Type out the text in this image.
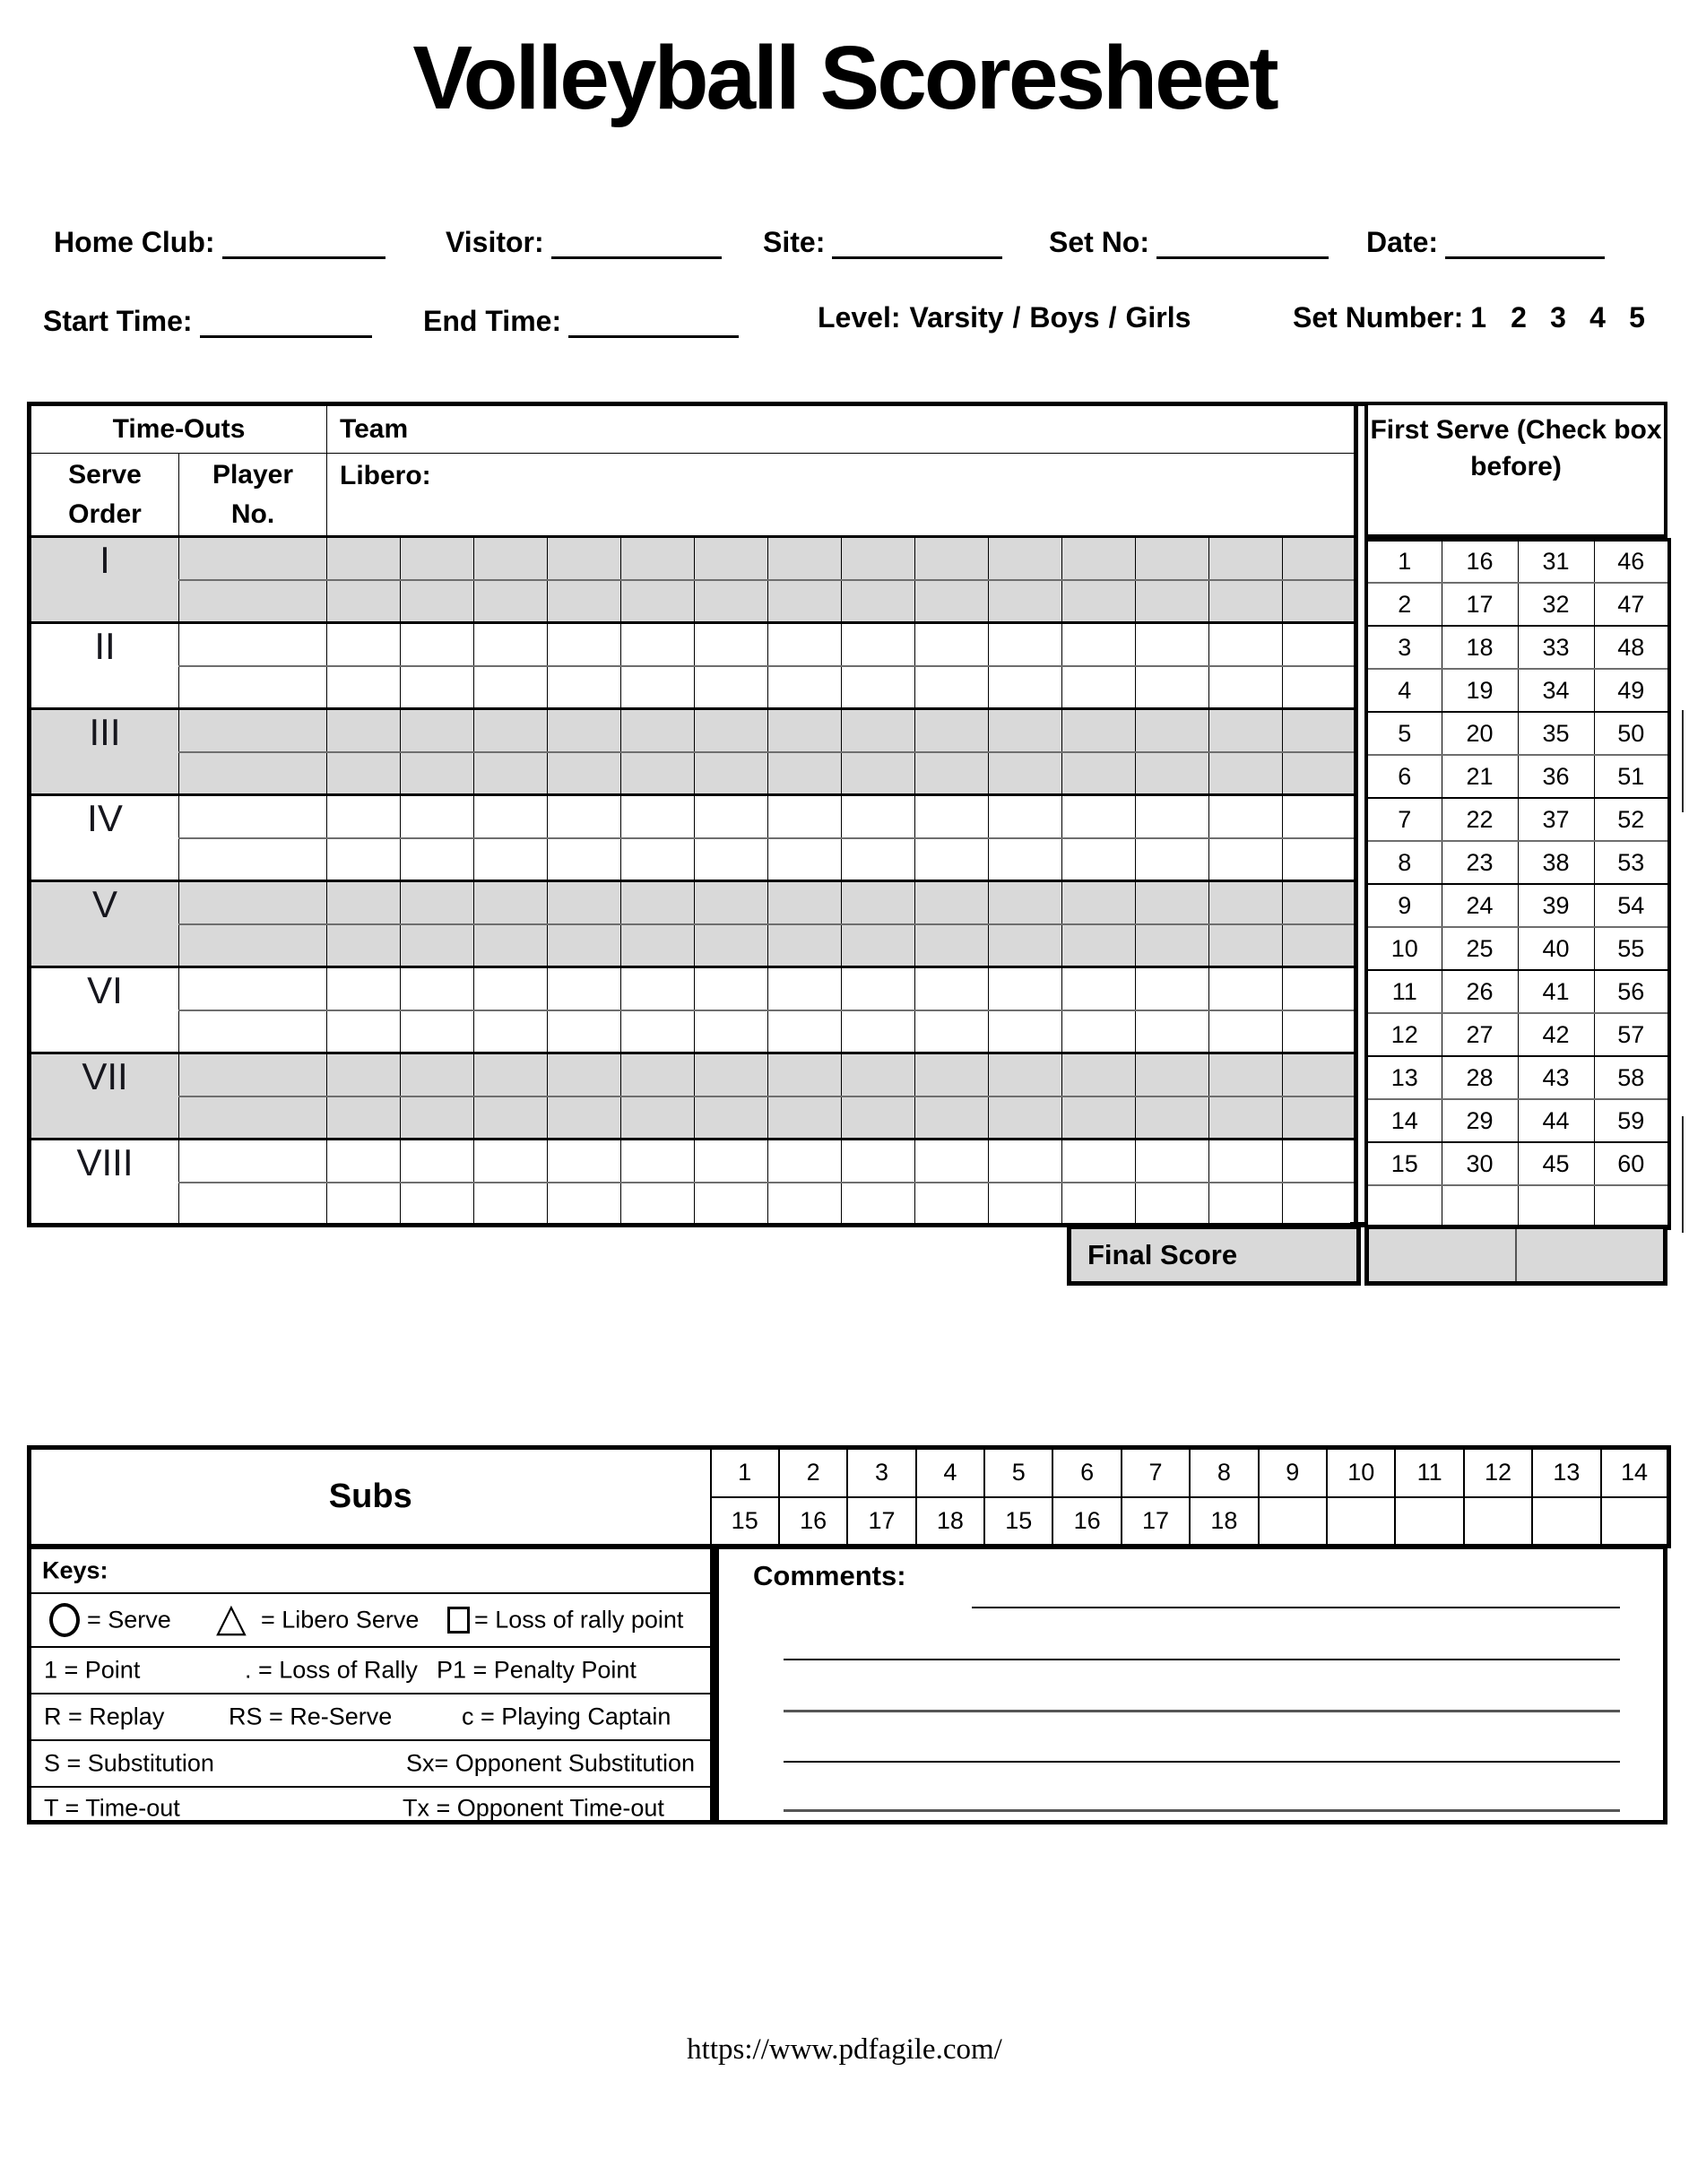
Volleyball Scoresheet
Home Club:	Visitor:	Site:	Set No:	Date:
Start Time:	End Time:	Level: Varsity / Boys / Girls	Set Number: 1 2 3 4 5
Time-Outs		Team													
Serve
Order	Player
No.	Libero:													
I															

II															

III															

IV															

V															

VI															

VII															

VIII															

First Serve (Check box before)
1	16	31	46
2	17	32	47
3	18	33	48
4	19	34	49
5	20	35	50
6	21	36	51
7	22	37	52
8	23	38	53
9	24	39	54
10	25	40	55
11	26	41	56
12	27	42	57
13	28	43	58
14	29	44	59
15	30	45	60

Final Score
Subs	1	2	3	4	5	6	7	8	9	10	11	12	13	14
	15	16	17	18	15	16	17	18						
Keys:
= Serve △ = Libero Serve = Loss of rally point
1 = Point	. = Loss of Rally P1 = Penalty Point
R = Replay	RS = Re-Serve	c = Playing Captain
S = Substitution	Sx= Opponent Substitution
T = Time-out	Tx = Opponent Time-out
Comments:
https://www.pdfagile.com/
